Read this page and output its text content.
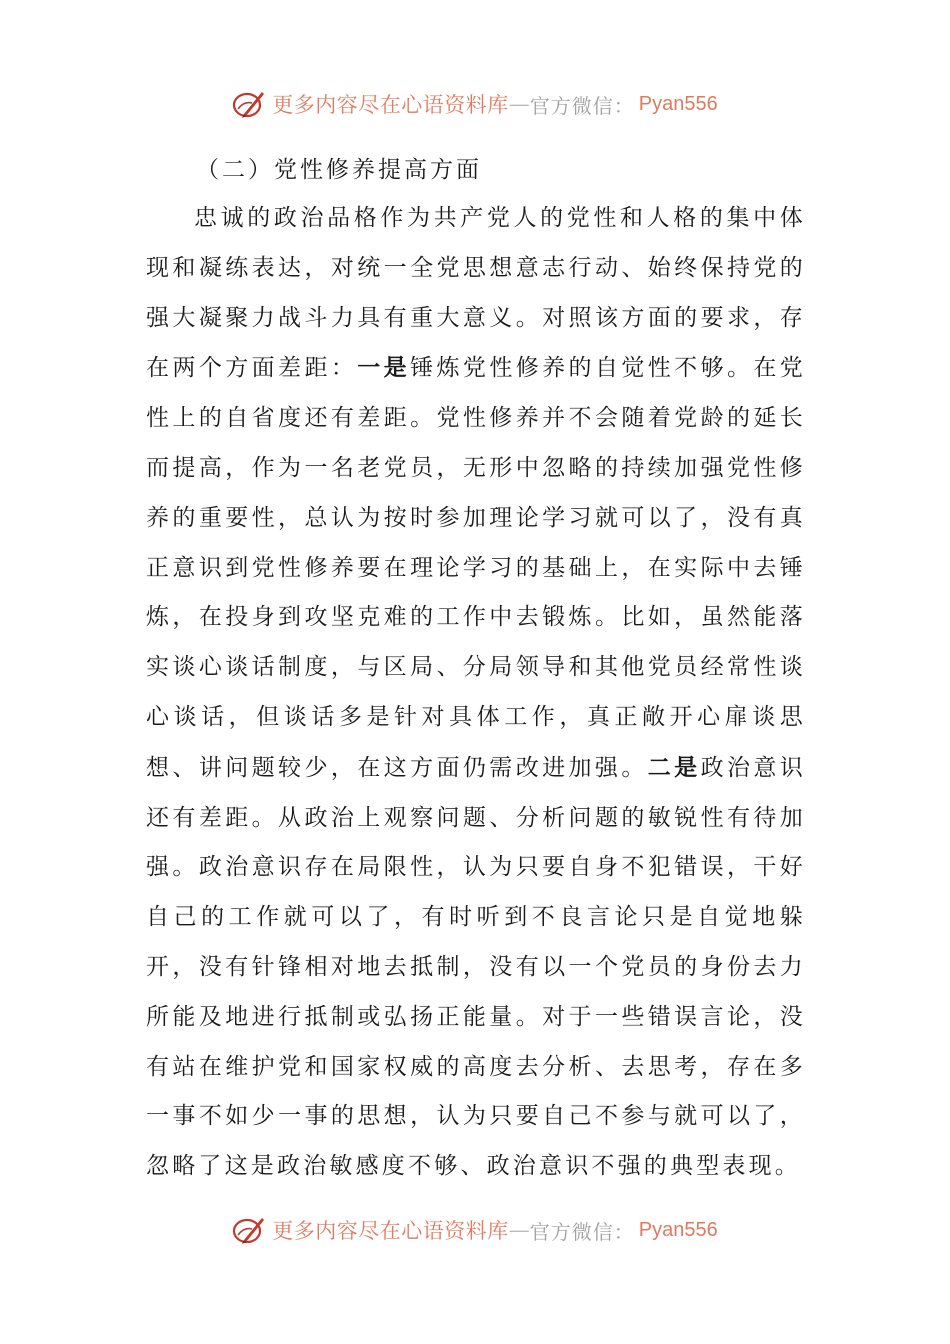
更多内容尽在心语资料库 — 官方微信： Pyan556
（二）党性修养提高方面

忠诚的政治品格作为共产党人的党性和人格的集中体现和凝练表达，对统一全党思想意志行动、始终保持党的强大凝聚力战斗力具有重大意义。对照该方面的要求，存在两个方面差距：一是锤炼党性修养的自觉性不够。在党性上的自省度还有差距。党性修养并不会随着党龄的延长而提高，作为一名老党员，无形中忽略的持续加强党性修养的重要性，总认为按时参加理论学习就可以了，没有真正意识到党性修养要在理论学习的基础上，在实际中去锤炼，在投身到攻坚克难的工作中去锻炼。比如，虽然能落实谈心谈话制度，与区局、分局领导和其他党员经常性谈心谈话，但谈话多是针对具体工作，真正敞开心扉谈思想、讲问题较少，在这方面仍需改进加强。二是政治意识还有差距。从政治上观察问题、分析问题的敏锐性有待加强。政治意识存在局限性，认为只要自身不犯错误，干好自己的工作就可以了，有时听到不良言论只是自觉地躲开，没有针锋相对地去抵制，没有以一个党员的身份去力所能及地进行抵制或弘扬正能量。对于一些错误言论，没有站在维护党和国家权威的高度去分析、去思考，存在多一事不如少一事的思想，认为只要自己不参与就可以了，忽略了这是政治敏感度不够、政治意识不强的典型表现。

更多内容尽在心语资料库 — 官方微信： Pyan556
